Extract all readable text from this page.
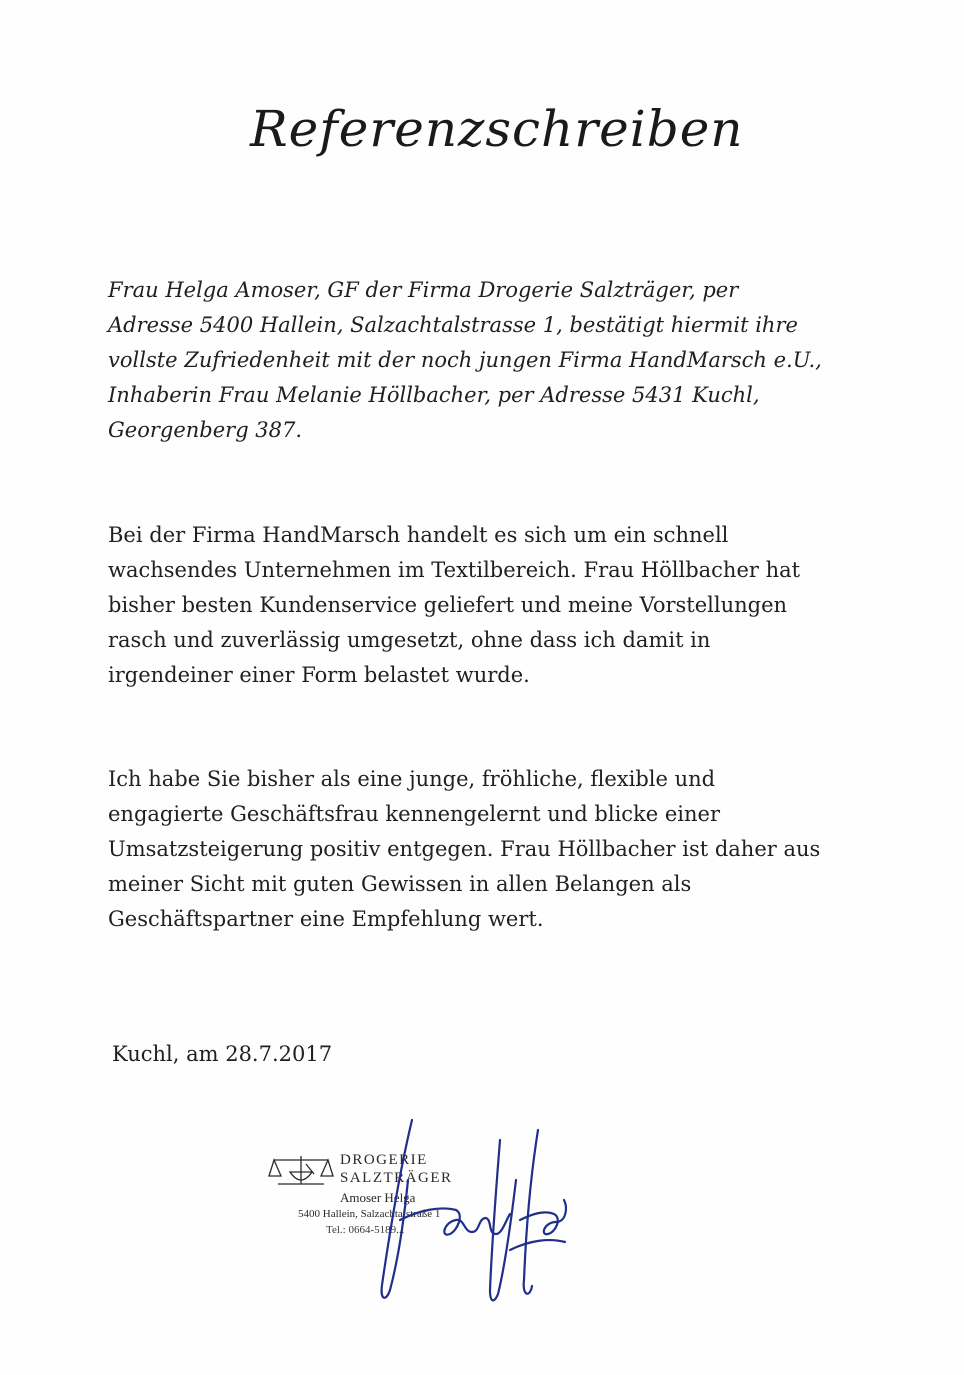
Referenzschreiben

Frau Helga Amoser, GF der Firma Drogerie Salzträger, per
Adresse 5400 Hallein, Salzachtalstrasse 1, bestätigt hiermit ihre
vollste Zufriedenheit mit der noch jungen Firma HandMarsch e.U.,
Inhaberin Frau Melanie Höllbacher, per Adresse 5431 Kuchl,
Georgenberg 387.

Bei der Firma HandMarsch handelt es sich um ein schnell
wachsendes Unternehmen im Textilbereich. Frau Höllbacher hat
bisher besten Kundenservice geliefert und meine Vorstellungen
rasch und zuverlässig umgesetzt, ohne dass ich damit in
irgendeiner einer Form belastet wurde.

Ich habe Sie bisher als eine junge, fröhliche, flexible und
engagierte Geschäftsfrau kennengelernt und blicke einer
Umsatzsteigerung positiv entgegen. Frau Höllbacher ist daher aus
meiner Sicht mit guten Gewissen in allen Belangen als
Geschäftspartner eine Empfehlung wert.

Kuchl, am 28.7.2017
DROGERIE
SALZTRÄGER
Amoser Helga
5400 Hallein, Salzachtalstraße 1
Tel.: 0664-5189...
